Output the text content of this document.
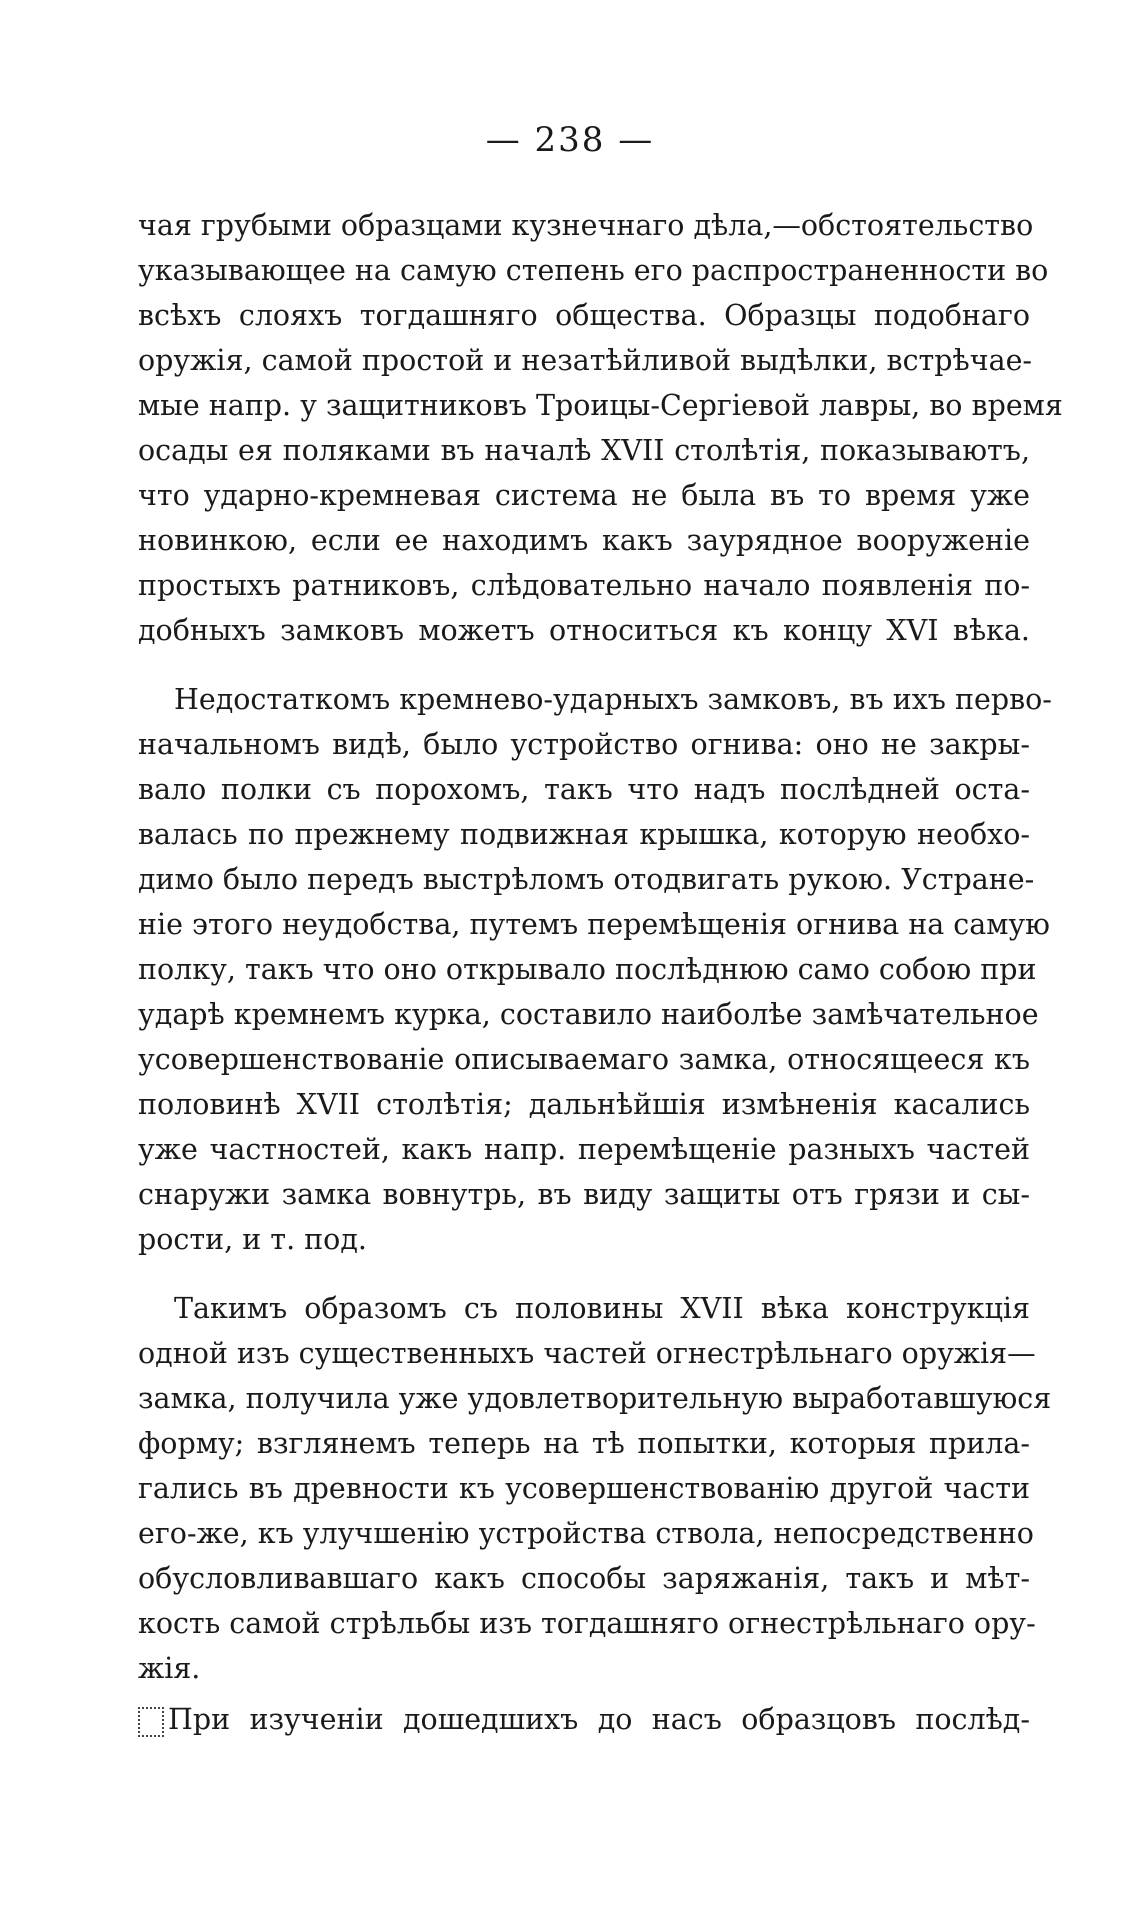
— 238 —

чая грубыми образцами кузнечнаго дѣла,—обстоятельство
указывающее на самую степень его распространенности во
всѣхъ слояхъ тогдашняго общества. Образцы подобнаго
оружія, самой простой и незатѣйливой выдѣлки, встрѣчае-
мые напр. у защитниковъ Троицы-Сергіевой лавры, во время
осады ея поляками въ началѣ XVII столѣтія, показываютъ,
что ударно-кремневая система не была въ то время уже
новинкою, если ее находимъ какъ заурядное вооруженіе
простыхъ ратниковъ, слѣдовательно начало появленія по-
добныхъ замковъ можетъ относиться къ концу XVI вѣка.

Недостаткомъ кремнево-ударныхъ замковъ, въ ихъ перво-
начальномъ видѣ, было устройство огнива: оно не закры-
вало полки съ порохомъ, такъ что надъ послѣдней оста-
валась по прежнему подвижная крышка, которую необхо-
димо было передъ выстрѣломъ отодвигать рукою. Устране-
ніе этого неудобства, путемъ перемѣщенія огнива на самую
полку, такъ что оно открывало послѣднюю само собою при
ударѣ кремнемъ курка, составило наиболѣе замѣчательное
усовершенствованіе описываемаго замка, относящееся къ
половинѣ XVII столѣтія; дальнѣйшія измѣненія касались
уже частностей, какъ напр. перемѣщеніе разныхъ частей
снаружи замка вовнутрь, въ виду защиты отъ грязи и сы-
рости, и т. под.

Такимъ образомъ съ половины XVII вѣка конструкція
одной изъ существенныхъ частей огнестрѣльнаго оружія—
замка, получила уже удовлетворительную выработавшуюся
форму; взглянемъ теперь на тѣ попытки, которыя прила-
гались въ древности къ усовершенствованію другой части
его-же, къ улучшенію устройства ствола, непосредственно
обусловливавшаго какъ способы заряжанія, такъ и мѣт-
кость самой стрѣльбы изъ тогдашняго огнестрѣльнаго ору-
жія.

При изученіи дошедшихъ до насъ образцовъ послѣд-
